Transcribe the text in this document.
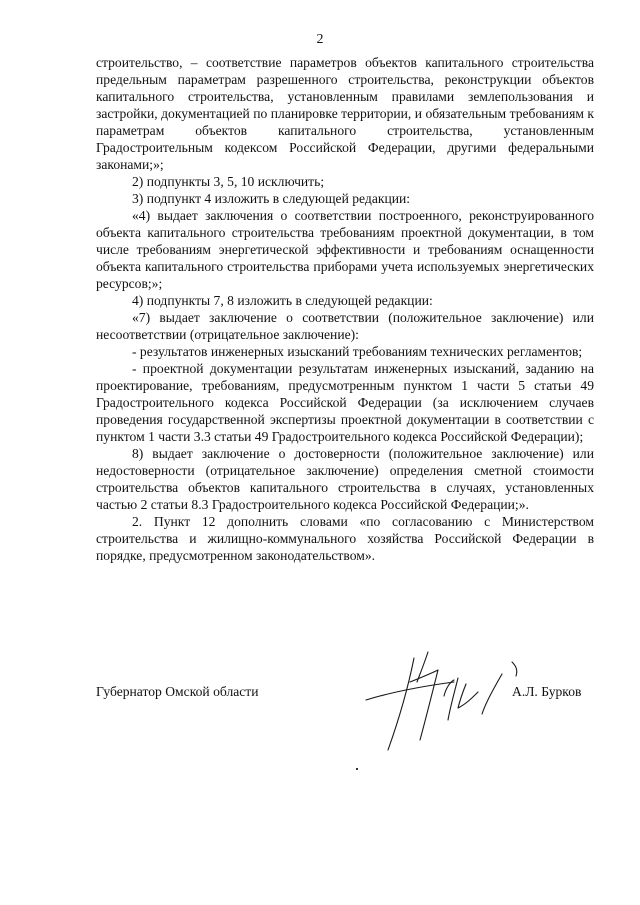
2

строительство, – соответствие параметров объектов капитального строительства предельным параметрам разрешенного строительства, реконструкции объектов капитального строительства, установленным правилами землепользования и застройки, документацией по планировке территории, и обязательным требованиям к параметрам объектов капитального строительства, установленным Градостроительным кодексом Российской Федерации, другими федеральными законами;»;

2) подпункты 3, 5, 10 исключить;

3) подпункт 4 изложить в следующей редакции:

«4) выдает заключения о соответствии построенного, реконструированного объекта капитального строительства требованиям проектной документации, в том числе требованиям энергетической эффективности и требованиям оснащенности объекта капитального строительства приборами учета используемых энергетических ресурсов;»;

4) подпункты 7, 8 изложить в следующей редакции:

«7) выдает заключение о соответствии (положительное заключение) или несоответствии (отрицательное заключение):

- результатов инженерных изысканий требованиям технических регламентов;

- проектной документации результатам инженерных изысканий, заданию на проектирование, требованиям, предусмотренным пунктом 1 части 5 статьи 49 Градостроительного кодекса Российской Федерации (за исключением случаев проведения государственной экспертизы проектной документации в соответствии с пунктом 1 части 3.3 статьи 49 Градостроительного кодекса Российской Федерации);

8) выдает заключение о достоверности (положительное заключение) или недостоверности (отрицательное заключение) определения сметной стоимости строительства объектов капитального строительства в случаях, установленных частью 2 статьи 8.3 Градостроительного кодекса Российской Федерации;».

2. Пункт 12 дополнить словами «по согласованию с Министерством строительства и жилищно-коммунального хозяйства Российской Федерации в порядке, предусмотренном законодательством».

Губернатор Омской области	А.Л. Бурков
